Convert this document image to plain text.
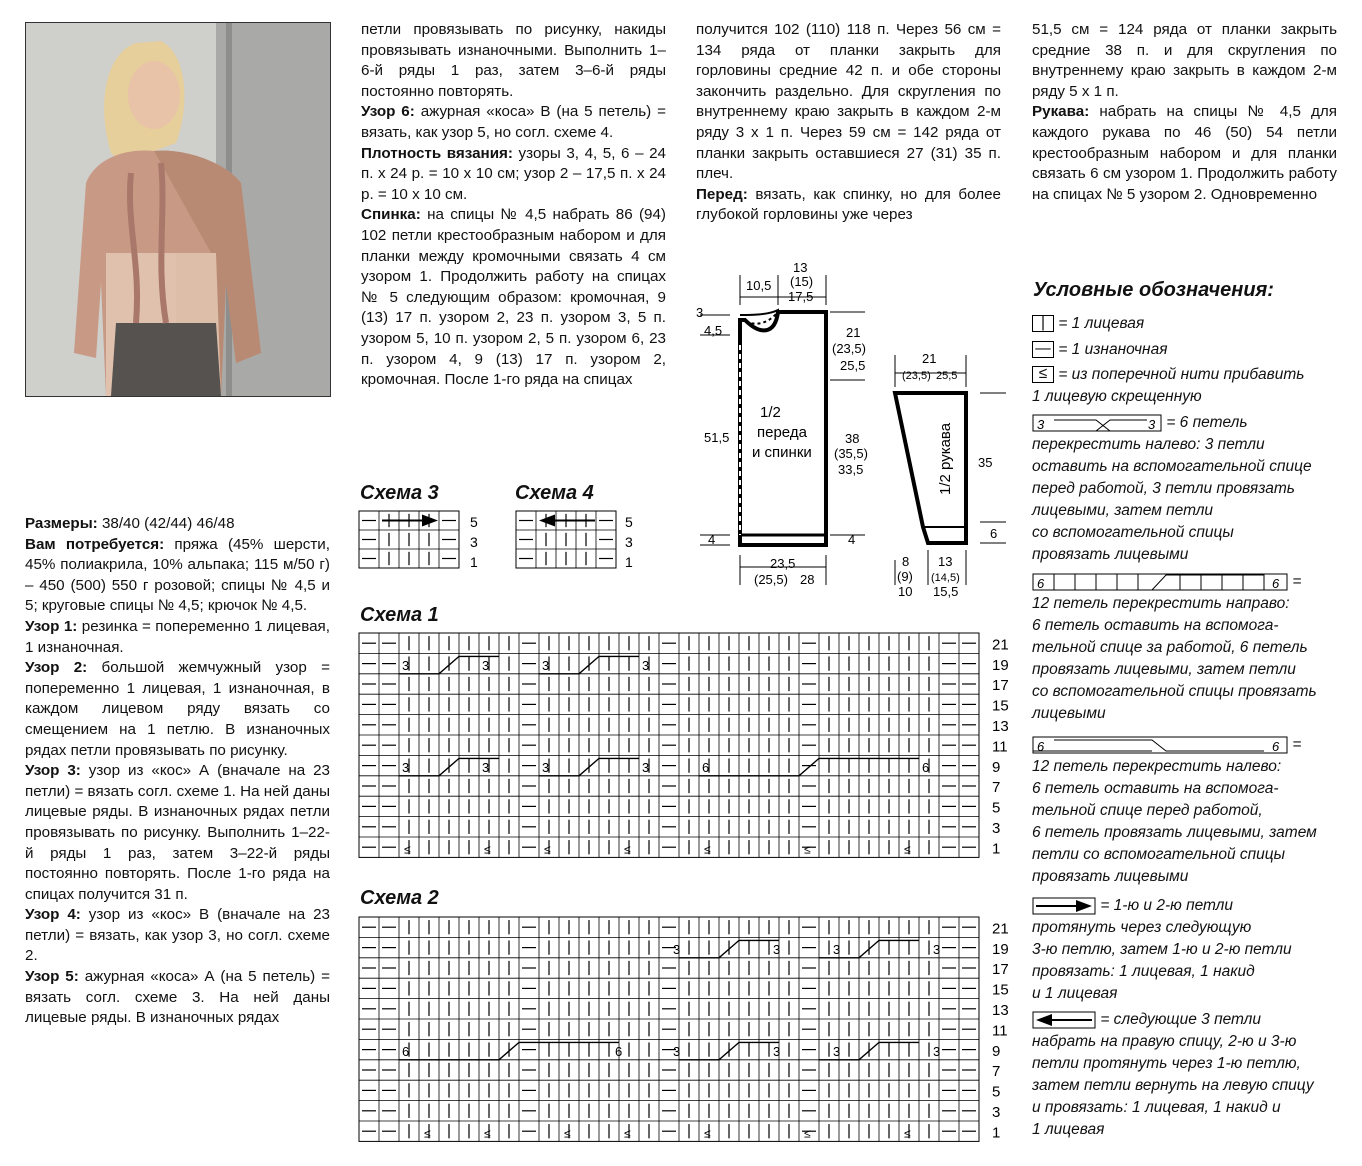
Размеры: 38/40 (42/44) 46/48

Вам потребуется: пряжа (45% шерсти, 45% полиакрила, 10% альпака; 115 м/50 г) – 450 (500) 550 г розовой; спицы № 4,5 и 5; круговые спицы № 4,5; крючок № 4,5.

Узор 1: резинка = попеременно 1 лицевая, 1 изнаночная.

Узор 2: большой жемчужный узор = попеременно 1 лицевая, 1 изнаночная, в каждом лицевом ряду вязать со смещением на 1 петлю. В изнаночных рядах петли провязывать по рисунку.

Узор 3: узор из «кос» А (вначале на 23 петли) = вязать согл. схеме 1. На ней даны лицевые ряды. В изнаночных рядах петли провязывать по рисунку. Выполнить 1–22-й ряды 1 раз, затем 3–22-й ряды постоянно повторять. После 1-го ряда на спицах получится 31 п.

Узор 4: узор из «кос» В (вначале на 23 петли) = вязать, как узор 3, но согл. схеме 2.

Узор 5: ажурная «коса» А (на 5 петель) = вязать согл. схеме 3. На ней даны лицевые ряды. В изнаночных рядах

петли провязывать по рисунку, накиды провязывать изнаночными. Выполнить 1–6-й ряды 1 раз, затем 3–6-й ряды постоянно повторять.

Узор 6: ажурная «коса» В (на 5 петель) = вязать, как узор 5, но согл. схеме 4.

Плотность вязания: узоры 3, 4, 5, 6 – 24 п. х 24 р. = 10 х 10 см; узор 2 – 17,5 п. х 24 р. = 10 х 10 см.

Спинка: на спицы № 4,5 набрать 86 (94) 102 петли крестообразным набором и для планки между кромочными связать 4 см узором 1. Продолжить работу на спицах № 5 следующим образом: кромочная, 9 (13) 17 п. узором 2, 23 п. узором 3, 5 п. узором 5, 10 п. узором 2, 5 п. узором 6, 23 п. узором 4, 9 (13) 17 п. узором 2, кромочная. После 1-го ряда на спицах

получится 102 (110) 118 п. Через 56 см = 134 ряда от планки закрыть для горловины средние 42 п. и обе стороны закончить раздельно. Для скругления по внутреннему краю закрыть в каждом 2-м ряду 3 х 1 п. Через 59 см = 142 ряда от планки закрыть оставшиеся 27 (31) 35 п. плеч.

Перед: вязать, как спинку, но для более глубокой горловины уже через

51,5 см = 124 ряда от планки закрыть средние 38 п. и для скругления по внутреннему краю закрыть в каждом 2-м ряду 5 х 1 п.

Рукава: набрать на спицы № 4,5 для каждого рукава по 46 (50) 54 петли крестообразным набором и для планки связать 6 см узором 1. Продолжить работу на спицах № 5 узором 2. Одновременно

Схема 3	Схема 4
Схема 1
Схема 2
5
3
1
5
3
1
3	3	3	3
3	3	3	3	6	6
≤	≤	≤	≤	≤	≤	≤
21
19
17
15
13
11
9
7
5
3
1
3	3	3	3
3	3	3	3
6	6
≤	≤	≤	≤	≤	≤	≤
21
19
17
15
13
11
9
7
5
3
1
10,5
13
(15)
17,5
3
4,5	21
(23,5)
25,5
51,5	38
(35,5)
33,5
4	4
23,5
(25,5) 28
1/2
переда
и спинки
21
(23,5) 25,5
35
6
8
(9)
10
13
(14,5)
15,5
1/2 рукава
Условные обозначения:
| = 1 лицевая
— = 1 изнаночная
≤ = из поперечной нити прибавить
1 лицевую скрещенную
3	3 = 6 петель
перекрестить налево: 3 петли
оставить на вспомогательной спице
перед работой, 3 петли провязать
лицевыми, затем петли
со вспомогательной спицы
провязать лицевыми
6	6 =
12 петель перекрестить направо:
6 петель оставить на вспомога-
тельной спице за работой, 6 петель
провязать лицевыми, затем петли
со вспомогательной спицы провязать
лицевыми
6	6 =
12 петель перекрестить налево:
6 петель оставить на вспомога-
тельной спице перед работой,
6 петель провязать лицевыми, затем
петли со вспомогательной спицы
провязать лицевыми
= 1-ю и 2-ю петли
протянуть через следующую
3-ю петлю, затем 1-ю и 2-ю петли
провязать: 1 лицевая, 1 накид
и 1 лицевая
= следующие 3 петли
набрать на правую спицу, 2-ю и 3-ю
петли протянуть через 1-ю петлю,
затем петли вернуть на левую спицу
и провязать: 1 лицевая, 1 накид и
1 лицевая
